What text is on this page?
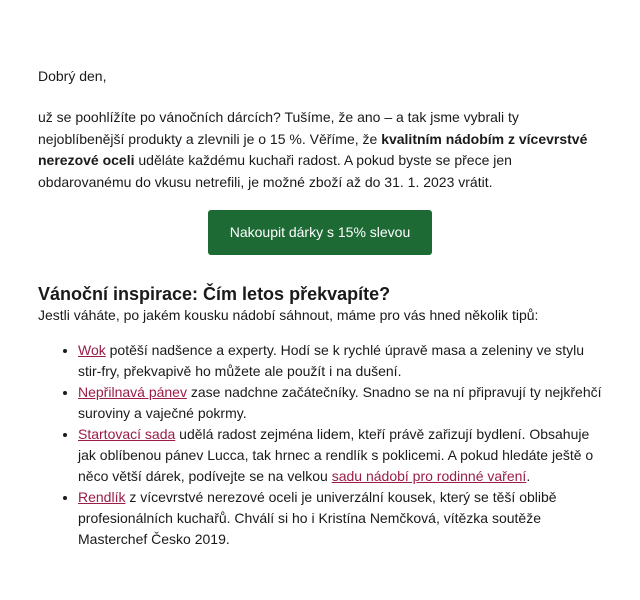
Dobrý den,

už se poohlížíte po vánočních dárcích? Tušíme, že ano – a tak jsme vybrali ty nejoblíbenější produkty a zlevnili je o 15 %. Věříme, že kvalitním nádobím z vícevrstvé nerezové oceli uděláte každému kuchaři radost. A pokud byste se přece jen obdarovanému do vkusu netrefili, je možné zboží až do 31. 1. 2023 vrátit.

Nakoupit dárky s 15% slevou
Vánoční inspirace: Čím letos překvapíte?

Jestli váháte, po jakém kousku nádobí sáhnout, máme pro vás hned několik tipů:

• Wok potěší nadšence a experty. Hodí se k rychlé úpravě masa a zeleniny ve stylu stir-fry, překvapivě ho můžete ale použít i na dušení.
• Nepřilnavá pánev zase nadchne začátečníky. Snadno se na ní připravují ty nejkřehčí suroviny a vaječné pokrmy.
• Startovací sada udělá radost zejména lidem, kteří právě zařizují bydlení. Obsahuje jak oblíbenou pánev Lucca, tak hrnec a rendlík s poklicemi. A pokud hledáte ještě o něco větší dárek, podívejte se na velkou sadu nádobí pro rodinné vaření.
• Rendlík z vícevrstvé nerezové oceli je univerzální kousek, který se těší oblibě profesionálních kuchařů. Chválí si ho i Kristína Nemčková, vítězka soutěže Masterchef Česko 2019.
